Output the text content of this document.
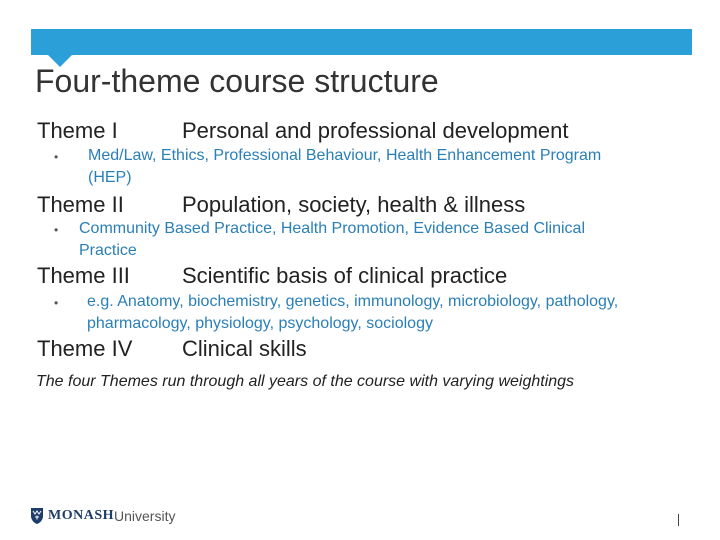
Four-theme course structure
Theme I	Personal and professional development
• Med/Law, Ethics, Professional Behaviour, Health Enhancement Program
(HEP)
Theme II	Population, society, health & illness
• Community Based Practice, Health Promotion, Evidence Based Clinical
Practice
Theme III Scientific basis of clinical practice
• e.g. Anatomy, biochemistry, genetics, immunology, microbiology, pathology,
pharmacology, physiology, psychology, sociology
Theme IV Clinical skills
The four Themes run through all years of the course with varying weightings
MONASH University
